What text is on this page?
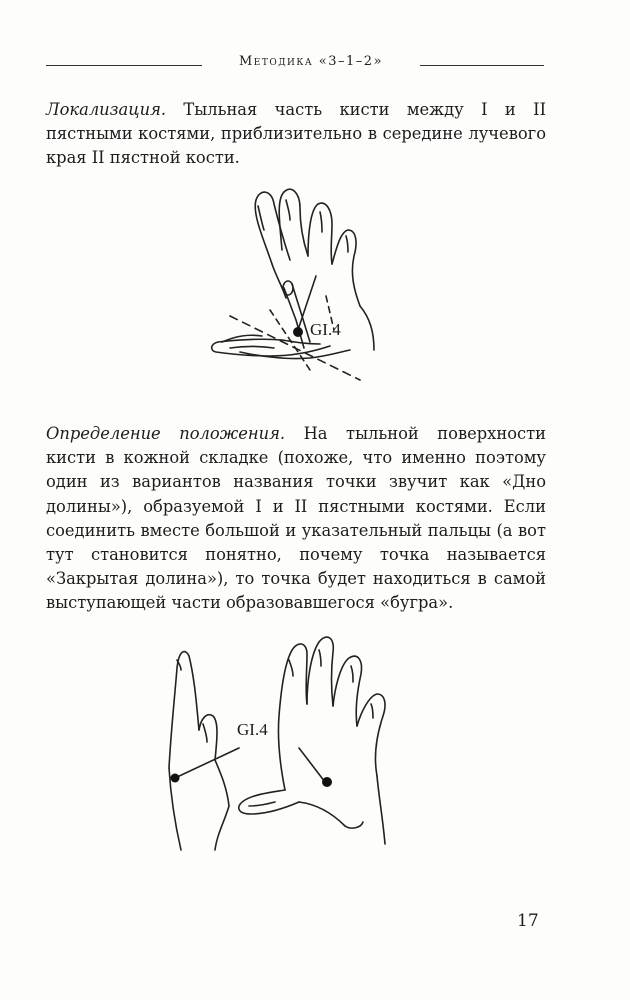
Методика «3–1–2»
Локализация. Тыльная часть кисти между I и II пястными костями, приблизительно в середине лучевого края II пястной кости.
GI.4
Определение положения. На тыльной поверхности кисти в кожной складке (похоже, что именно поэтому один из вариантов названия точки звучит как «Дно долины»), образуемой I и II пястными костями. Если соединить вместе большой и указательный пальцы (а вот тут становится понятно, почему точка называется «Закрытая долина»), то точка будет находиться в самой выступающей части образовавшегося «бугра».
GI.4
17
